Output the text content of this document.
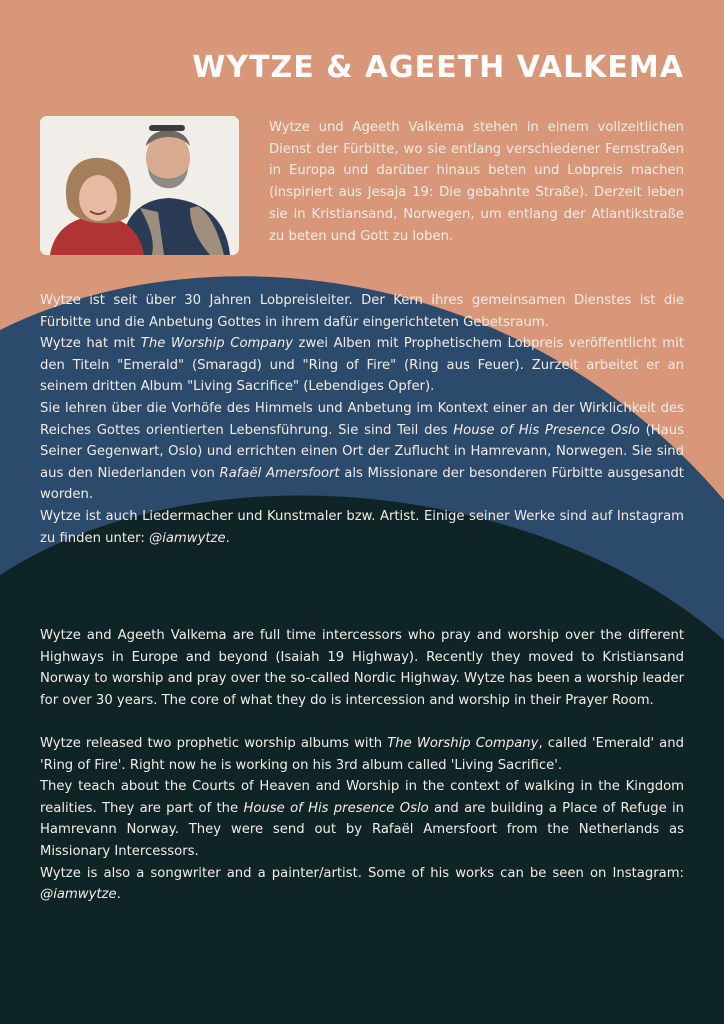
WYTZE & AGEETH VALKEMA

Wytze und Ageeth Valkema stehen in einem vollzeitlichen Dienst der Fürbitte, wo sie entlang verschiedener Fernstraßen in Europa und darüber hinaus beten und Lobpreis machen (inspiriert aus Jesaja 19: Die gebahnte Straße). Derzeit leben sie in Kristiansand, Norwegen, um entlang der Atlantikstraße zu beten und Gott zu loben.

Wytze ist seit über 30 Jahren Lobpreisleiter. Der Kern ihres gemeinsamen Dienstes ist die Fürbitte und die Anbetung Gottes in ihrem dafür eingerichteten Gebetsraum.
Wytze hat mit The Worship Company zwei Alben mit Prophetischem Lobpreis veröffentlicht mit den Titeln "Emerald" (Smaragd) und "Ring of Fire" (Ring aus Feuer). Zurzeit arbeitet er an seinem dritten Album "Living Sacrifice" (Lebendiges Opfer).
Sie lehren über die Vorhöfe des Himmels und Anbetung im Kontext einer an der Wirklichkeit des Reiches Gottes orientierten Lebensführung. Sie sind Teil des House of His Presence Oslo (Haus Seiner Gegenwart, Oslo) und errichten einen Ort der Zuflucht in Hamrevann, Norwegen. Sie sind aus den Niederlanden von Rafaël Amersfoort als Missionare der besonderen Fürbitte ausgesandt worden.
Wytze ist auch Liedermacher und Kunstmaler bzw. Artist. Einige seiner Werke sind auf Instagram zu finden unter: @iamwytze.
Wytze and Ageeth Valkema are full time intercessors who pray and worship over the different Highways in Europe and beyond (Isaiah 19 Highway). Recently they moved to Kristiansand Norway to worship and pray over the so-called Nordic Highway. Wytze has been a worship leader for over 30 years. The core of what they do is intercession and worship in their Prayer Room.
Wytze released two prophetic worship albums with The Worship Company, called 'Emerald' and 'Ring of Fire'. Right now he is working on his 3rd album called 'Living Sacrifice'.
They teach about the Courts of Heaven and Worship in the context of walking in the Kingdom realities. They are part of the House of His presence Oslo and are building a Place of Refuge in Hamrevann Norway. They were send out by Rafaël Amersfoort from the Netherlands as Missionary Intercessors.
Wytze is also a songwriter and a painter/artist. Some of his works can be seen on Instagram: @iamwytze.
